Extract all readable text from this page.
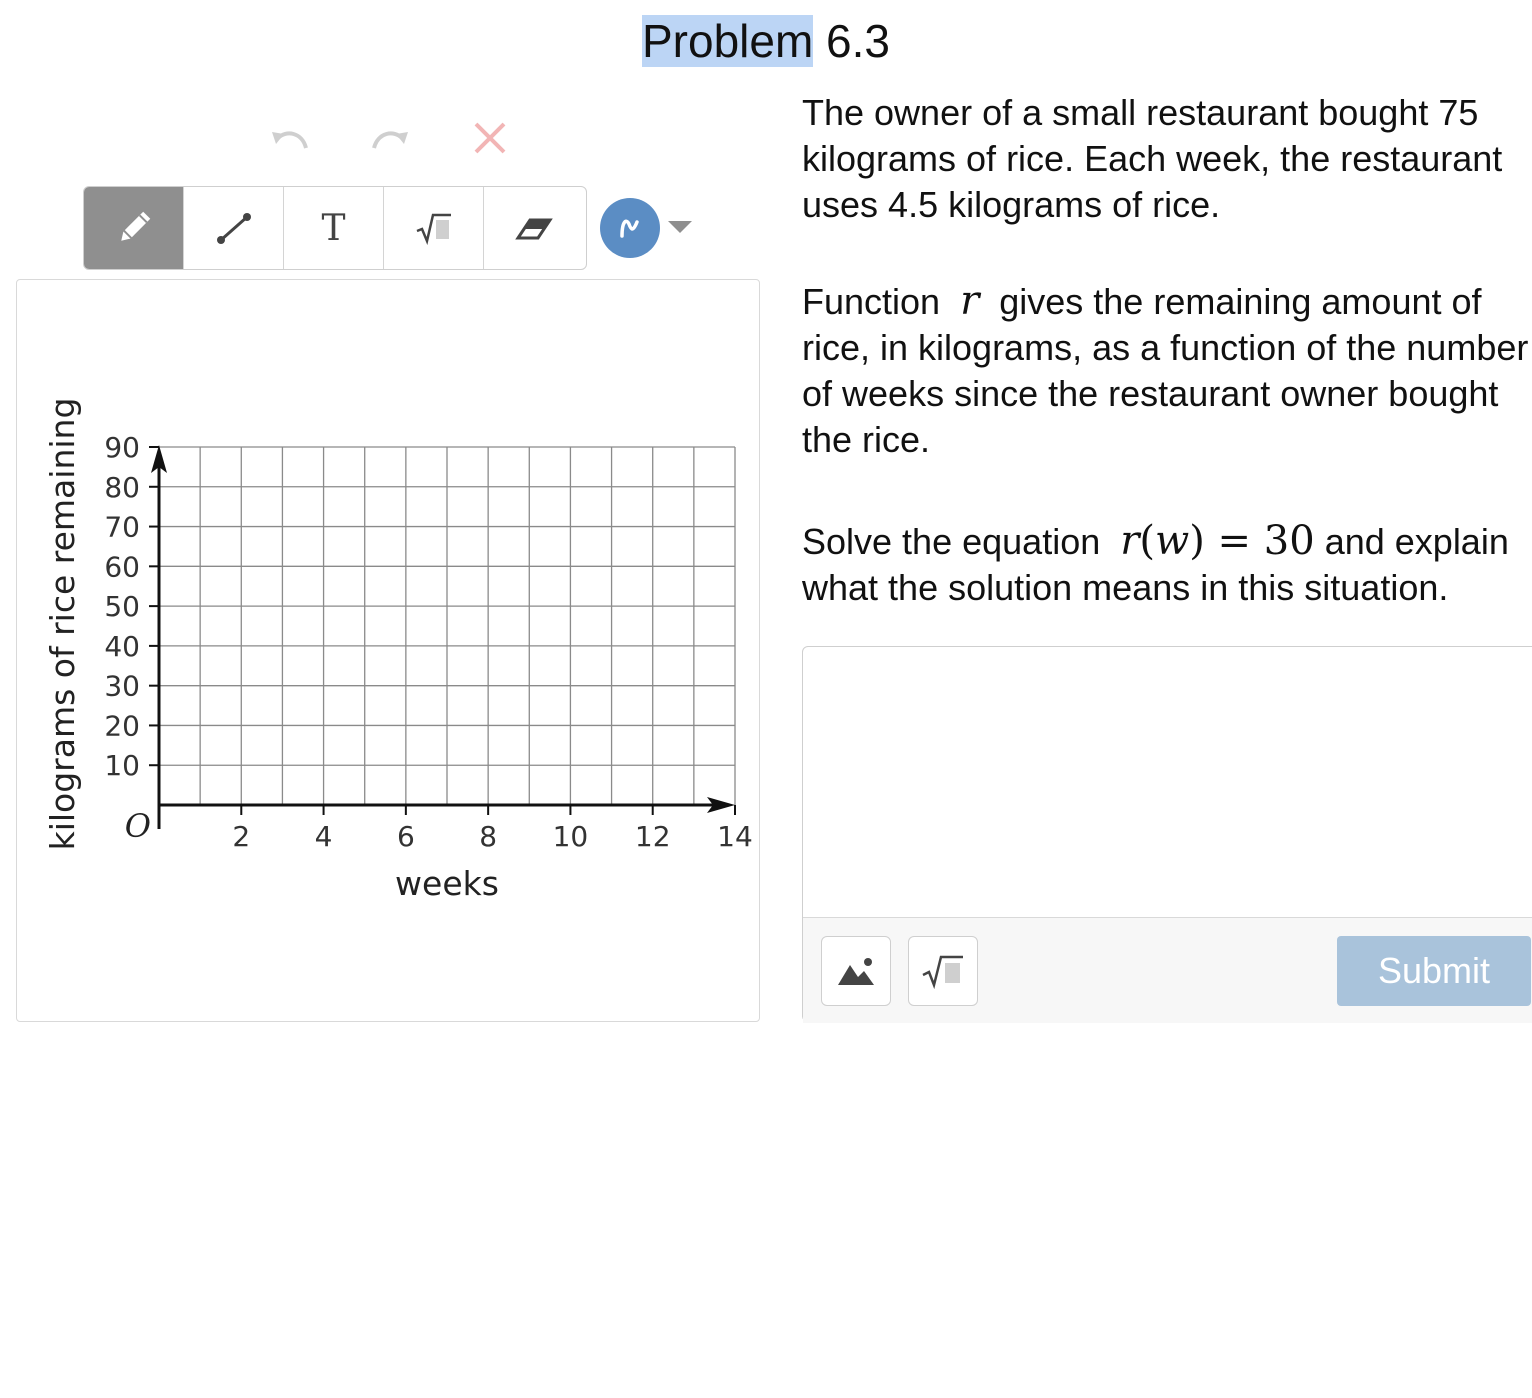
Problem 6.3
T
2 4 6 8 10 12 14
10
20
30
40
50
60
70
80
90
O
weeks
kilograms of rice remaining
The owner of a small restaurant bought 75 kilograms of rice. Each week, the restaurant uses 4.5 kilograms of rice.
Function r gives the remaining amount of rice, in kilograms, as a function of the number of weeks since the restaurant owner bought the rice.
Solve the equation r(w) = 30 and explain what the solution means in this situation.
Submit
